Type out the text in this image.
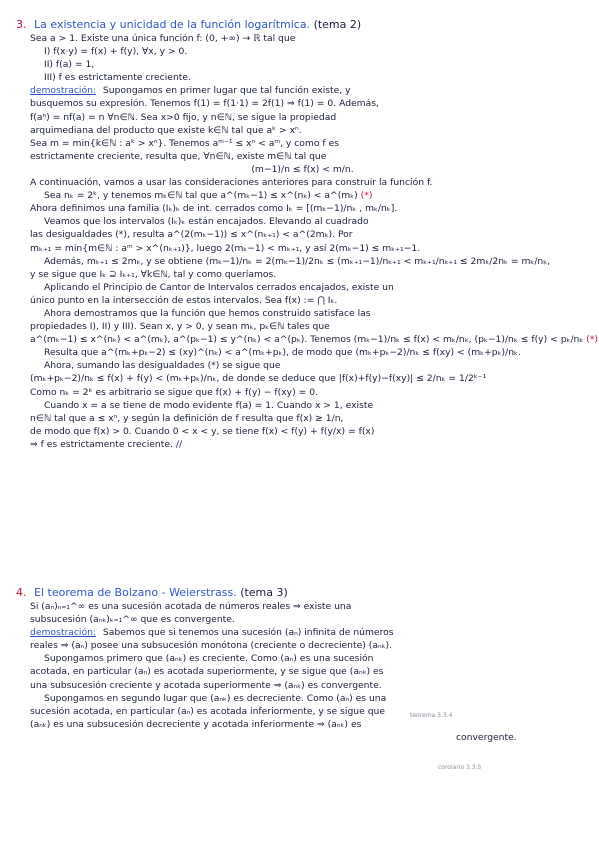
3. La existencia y unicidad de la función logarítmica. (tema 2)
Sea a > 1. Existe una única función f: (0, +∞) → ℝ tal que
I) f(x·y) = f(x) + f(y), ∀x, y > 0.
II) f(a) = 1,
III) f es estrictamente creciente.
demostración: Supongamos en primer lugar que tal función existe, y
busquemos su expresión. Tenemos f(1) = f(1·1) = 2f(1) ⇒ f(1) = 0. Además,
f(aⁿ) = nf(a) = n ∀n∈ℕ. Sea x>0 fijo, y n∈ℕ, se sigue la propiedad
arquimediana del producto que existe k∈ℕ tal que aᵏ > xⁿ.
Sea m = min{k∈ℕ : aᵏ > xⁿ}. Tenemos aᵐ⁻¹ ≤ xⁿ < aᵐ, y como f es
estrictamente creciente, resulta que, ∀n∈ℕ, existe m∈ℕ tal que
(m−1)/n ≤ f(x) < m/n.
A continuación, vamos a usar las consideraciones anteriores para construir la función f.
Sea nₖ = 2ᵏ, y tenemos mₖ∈ℕ tal que a^(mₖ−1) ≤ x^(nₖ) < a^(mₖ) (*)
Ahora definimos una familia (Iₖ)ₖ de int. cerrados como Iₖ = [(mₖ−1)/nₖ , mₖ/nₖ].
Veamos que los intervalos (Iₖ)ₖ están encajados. Elevando al cuadrado
las desigualdades (*), resulta a^(2(mₖ−1)) ≤ x^(nₖ₊₁) < a^(2mₖ). Por
mₖ₊₁ = min{m∈ℕ : aᵐ > x^(nₖ₊₁)}, luego 2(mₖ−1) < mₖ₊₁, y así 2(mₖ−1) ≤ mₖ₊₁−1.
Además, mₖ₊₁ ≤ 2mₖ, y se obtiene (mₖ−1)/nₖ = 2(mₖ−1)/2nₖ ≤ (mₖ₊₁−1)/nₖ₊₁ < mₖ₊₁/nₖ₊₁ ≤ 2mₖ/2nₖ = mₖ/nₖ,
y se sigue que Iₖ ⊇ Iₖ₊₁, ∀k∈ℕ, tal y como queríamos.
Aplicando el Principio de Cantor de Intervalos cerrados encajados, existe un
único punto en la intersección de estos intervalos. Sea f(x) := ⋂ Iₖ.
Ahora demostramos que la función que hemos construido satisface las
propiedades I), II) y III). Sean x, y > 0, y sean mₖ, pₖ∈ℕ tales que
a^(mₖ−1) ≤ x^(nₖ) < a^(mₖ), a^(pₖ−1) ≤ y^(nₖ) < a^(pₖ). Tenemos (mₖ−1)/nₖ ≤ f(x) < mₖ/nₖ, (pₖ−1)/nₖ ≤ f(y) < pₖ/nₖ (*)
Resulta que a^(mₖ+pₖ−2) ≤ (xy)^(nₖ) < a^(mₖ+pₖ), de modo que (mₖ+pₖ−2)/nₖ ≤ f(xy) < (mₖ+pₖ)/nₖ.
Ahora, sumando las desigualdades (*) se sigue que
(mₖ+pₖ−2)/nₖ ≤ f(x) + f(y) < (mₖ+pₖ)/nₖ, de donde se deduce que |f(x)+f(y)−f(xy)| ≤ 2/nₖ = 1/2ᵏ⁻¹
Como nₖ = 2ᵏ es arbitrario se sigue que f(x) + f(y) − f(xy) = 0.
Cuando x = a se tiene de modo evidente f(a) = 1. Cuando x > 1, existe
n∈ℕ tal que a ≤ xⁿ, y según la definición de f resulta que f(x) ≥ 1/n,
de modo que f(x) > 0. Cuando 0 < x < y, se tiene f(x) < f(y) + f(y/x) = f(x)
⇒ f es estrictamente creciente. //
4. El teorema de Bolzano - Weierstrass. (tema 3)
Si (aₙ)ₙ₌₁^∞ es una sucesión acotada de números reales ⇒ existe una
subsucesión (aₙₖ)ₖ₌₁^∞ que es convergente.
demostración: Sabemos que si tenemos una sucesión (aₙ) infinita de números
reales ⇒ (aₙ) posee una subsucesión monótona (creciente o decreciente) (aₙₖ).
Supongamos primero que (aₙₖ) es creciente. Como (aₙ) es una sucesión
acotada, en particular (aₙ) es acotada superiormente, y se sigue que (aₙₖ) es
una subsucesión creciente y acotada superiormente ⇒ (aₙₖ) es convergente.
Supongamos en segundo lugar que (aₙₖ) es decreciente. Como (aₙ) es una
sucesión acotada, en particular (aₙ) es acotada inferiormente, y se sigue que
(aₙₖ) es una subsucesión decreciente y acotada inferiormente ⇒ (aₙₖ) es
convergente.
teorema 3.3.4
corolario 3.3.5
